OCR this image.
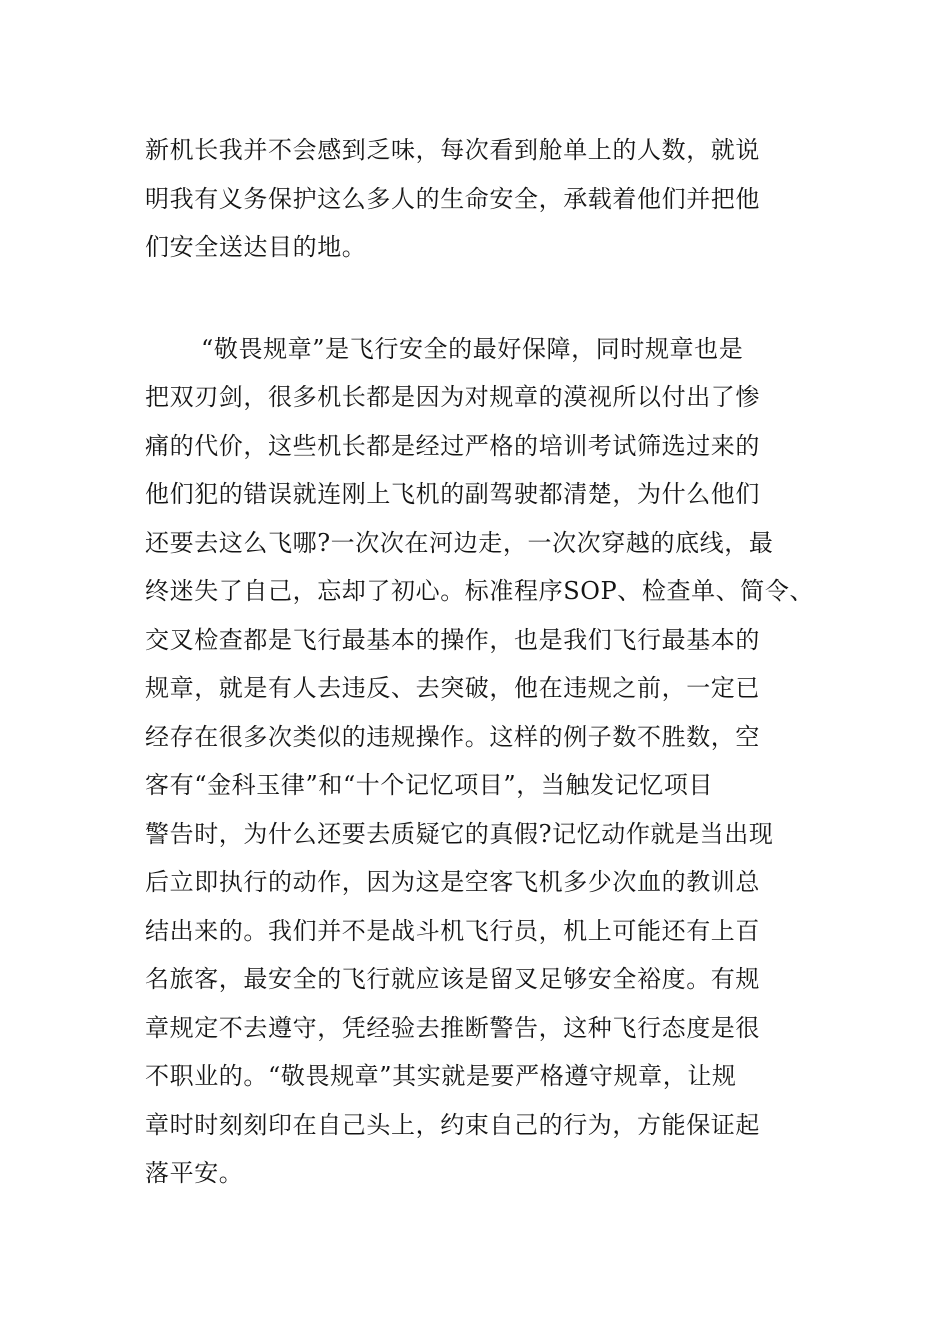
新机长我并不会感到乏味，每次看到舱单上的人数，就说
明我有义务保护这么多人的生命安全，承载着他们并把他
们安全送达目的地。
“敬畏规章”是飞行安全的最好保障，同时规章也是
把双刃剑，很多机长都是因为对规章的漠视所以付出了惨
痛的代价，这些机长都是经过严格的培训考试筛选过来的
他们犯的错误就连刚上飞机的副驾驶都清楚，为什么他们
还要去这么飞哪?一次次在河边走，一次次穿越的底线，最
终迷失了自己，忘却了初心。标准程序SOP、检查单、简令、
交叉检查都是飞行最基本的操作，也是我们飞行最基本的
规章，就是有人去违反、去突破，他在违规之前，一定已
经存在很多次类似的违规操作。这样的例子数不胜数，空
客有“金科玉律”和“十个记忆项目”，当触发记忆项目
警告时，为什么还要去质疑它的真假?记忆动作就是当出现
后立即执行的动作，因为这是空客飞机多少次血的教训总
结出来的。我们并不是战斗机飞行员，机上可能还有上百
名旅客，最安全的飞行就应该是留叉足够安全裕度。有规
章规定不去遵守，凭经验去推断警告，这种飞行态度是很
不职业的。“敬畏规章”其实就是要严格遵守规章，让规
章时时刻刻印在自己头上，约束自己的行为，方能保证起
落平安。
